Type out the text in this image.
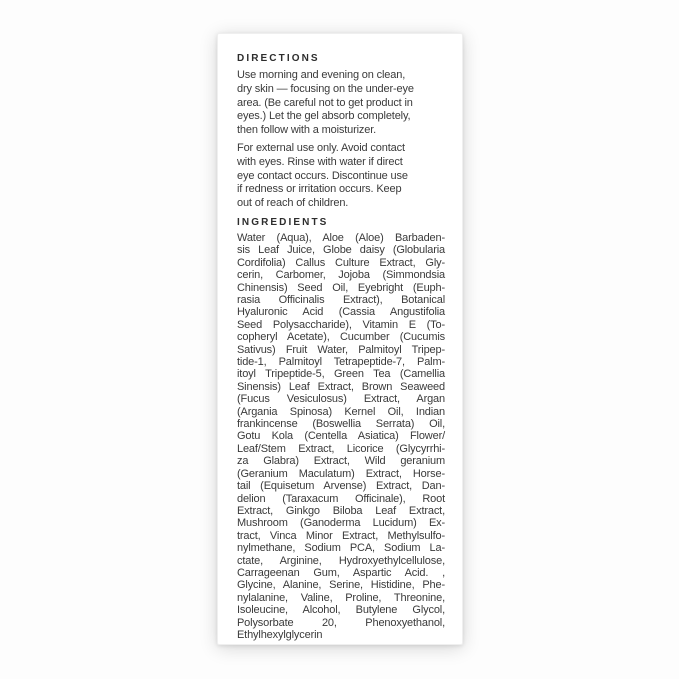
DIRECTIONS
Use morning and evening on clean,
dry skin — focusing on the under-eye
area. (Be careful not to get product in
eyes.) Let the gel absorb completely,
then follow with a moisturizer.
For external use only. Avoid contact
with eyes. Rinse with water if direct
eye contact occurs. Discontinue use
if redness or irritation occurs. Keep
out of reach of children.
INGREDIENTS
Water (Aqua), Aloe (Aloe) Barbaden-
sis Leaf Juice, Globe daisy (Globularia
Cordifolia) Callus Culture Extract, Gly-
cerin, Carbomer, Jojoba (Simmondsia
Chinensis) Seed Oil, Eyebright (Euph-
rasia Officinalis Extract), Botanical
Hyaluronic Acid (Cassia Angustifolia
Seed Polysaccharide), Vitamin E (To-
copheryl Acetate), Cucumber (Cucumis
Sativus) Fruit Water, Palmitoyl Tripep-
tide-1, Palmitoyl Tetrapeptide-7, Palm-
itoyl Tripeptide-5, Green Tea (Camellia
Sinensis) Leaf Extract, Brown Seaweed
(Fucus Vesiculosus) Extract, Argan
(Argania Spinosa) Kernel Oil, Indian
frankincense (Boswellia Serrata) Oil,
Gotu Kola (Centella Asiatica) Flower/
Leaf/Stem Extract, Licorice (Glycyrrhi-
za Glabra) Extract, Wild geranium
(Geranium Maculatum) Extract, Horse-
tail (Equisetum Arvense) Extract, Dan-
delion (Taraxacum Officinale), Root
Extract, Ginkgo Biloba Leaf Extract,
Mushroom (Ganoderma Lucidum) Ex-
tract, Vinca Minor Extract, Methylsulfo-
nylmethane, Sodium PCA, Sodium La-
ctate, Arginine, Hydroxyethylcellulose,
Carrageenan Gum, Aspartic Acid. ,
Glycine, Alanine, Serine, Histidine, Phe-
nylalanine, Valine, Proline, Threonine,
Isoleucine, Alcohol, Butylene Glycol,
Polysorbate 20, Phenoxyethanol,
Ethylhexylglycerin
